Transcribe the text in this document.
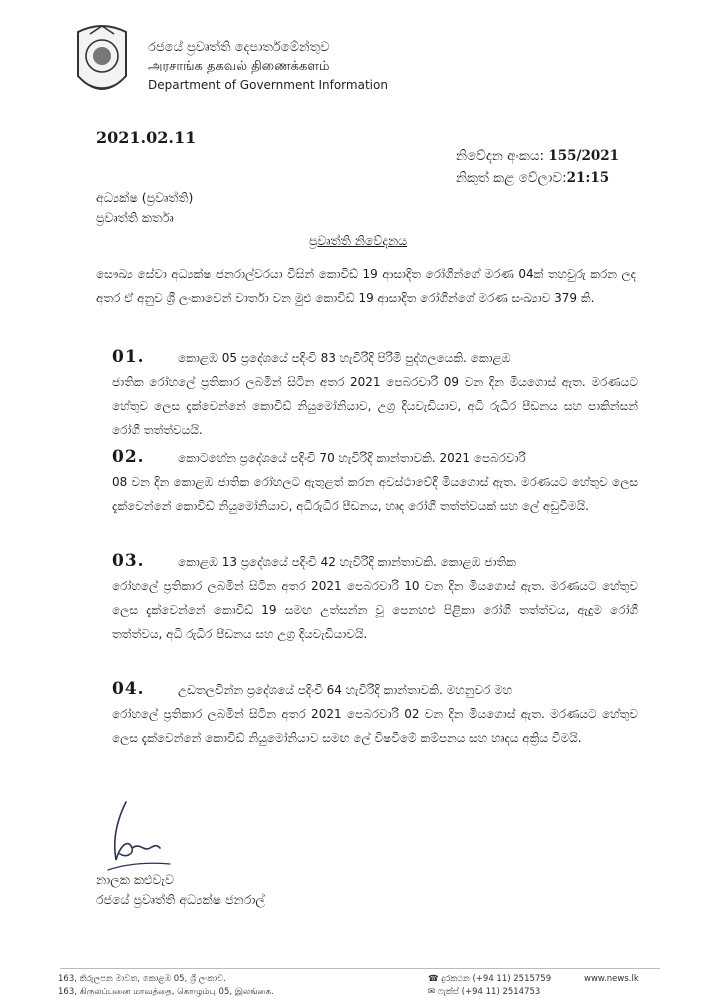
රජයේ ප්‍රවෘත්ති දෙපාර්තමේන්තුව
அரசாங்க தகவல் திணைக்களம்
Department of Government Information
2021.02.11
නිවේදන අංකය: 155/2021
නිකුත් කළ වේලාව:21:15
අධ්‍යක්ෂ (ප්‍රවෘත්ති)
ප්‍රවෘත්ති කර්තෘ
ප්‍රවෘත්ති නිවේදනය
සෞඛ්‍ය සේවා අධ්‍යක්ෂ ජනරාල්වරයා විසින් කොවිඩ් 19 ආසාදිත රෝගීන්ගේ මරණ 04ක් තහවුරු කරන ලද අතර ඒ අනුව ශ්‍රී ලංකාවෙන් වාර්තා වන මුළු කොවිඩ් 19 ආසාදිත රෝගීන්ගේ මරණ සංඛ්‍යාව 379 කි.
01.	කොළඹ 05 ප්‍රදේශයේ පදිංචි 83 හැවිරිදි පිරිමි පුද්ගලයෙකි. කොළඹ
ජාතික රෝහලේ ප්‍රතිකාර ලබමින් සිටින අතර 2021 පෙබරවාරි 09 වන දින මියගොස් ඇත. මරණයට හේතුව ලෙස දැක්වෙන්නේ කොවිඩ් නියුමෝනියාව, උග්‍ර දියවැඩියාව, අධි රුධිර පීඩනය සහ පාකින්සන් රෝගී තත්ත්වයයි.
02.	කොටහේන ප්‍රදේශයේ පදිංචි 70 හැවිරිදි කාන්තාවකි. 2021 පෙබරවාරි
08 වන දින කොළඹ ජාතික රෝහලට ඇතුළත් කරන අවස්ථාවේදී මියගොස් ඇත. මරණයට හේතුව ලෙස දැක්වෙන්නේ කොවිඩ් නියුමෝනියාව, අධිරුධිර පීඩනය, හෘද රෝගී තත්ත්වයක් සහ ලේ අඩුවීමයි.
03.	කොළඹ 13 ප්‍රදේශයේ පදිංචි 42 හැවිරිදි කාන්තාවකි. කොළඹ ජාතික
රෝහලේ ප්‍රතිකාර ලබමින් සිටින අතර 2021 පෙබරවාරි 10 වන දින මියගොස් ඇත. මරණයට හේතුව ලෙස දැක්වෙන්නේ කොවිඩ් 19 සමඟ උත්සන්න වූ පෙනහළු පිළිකා රෝගී තත්ත්වය, ඇදුම රෝගී තත්ත්වය, අධි රුධිර පීඩනය සහ උග්‍ර දියවැඩියාවයි.
04.	උඩතලවින්න ප්‍රදේශයේ පදිංචි 64 හැවිරිදි කාන්තාවකි. මහනුවර මහ
රෝහලේ ප්‍රතිකාර ලබමින් සිටින අතර 2021 පෙබරවාරි 02 වන දින මියගොස් ඇත. මරණයට හේතුව ලෙස දැක්වෙන්නේ කොවිඩ් නියුමෝනියාව සමඟ ලේ විෂවීමේ කම්පනය සහ හෘදය අක්‍රිය වීමයි.
නාලක කළුවැව
රජයේ ප්‍රවෘත්ති අධ්‍යක්ෂ ජනරාල්
163, කිරුලපන මාවත, කොළඹ 05, ශ්‍රී ලංකාව.
163, கிருலப்பனை மாவத்தை, கொழும்பு 05, இலங்கை.
☎ දුරකථන (+94 11) 2515759
✉ ෆැක්ස් (+94 11) 2514753
www.news.lk
